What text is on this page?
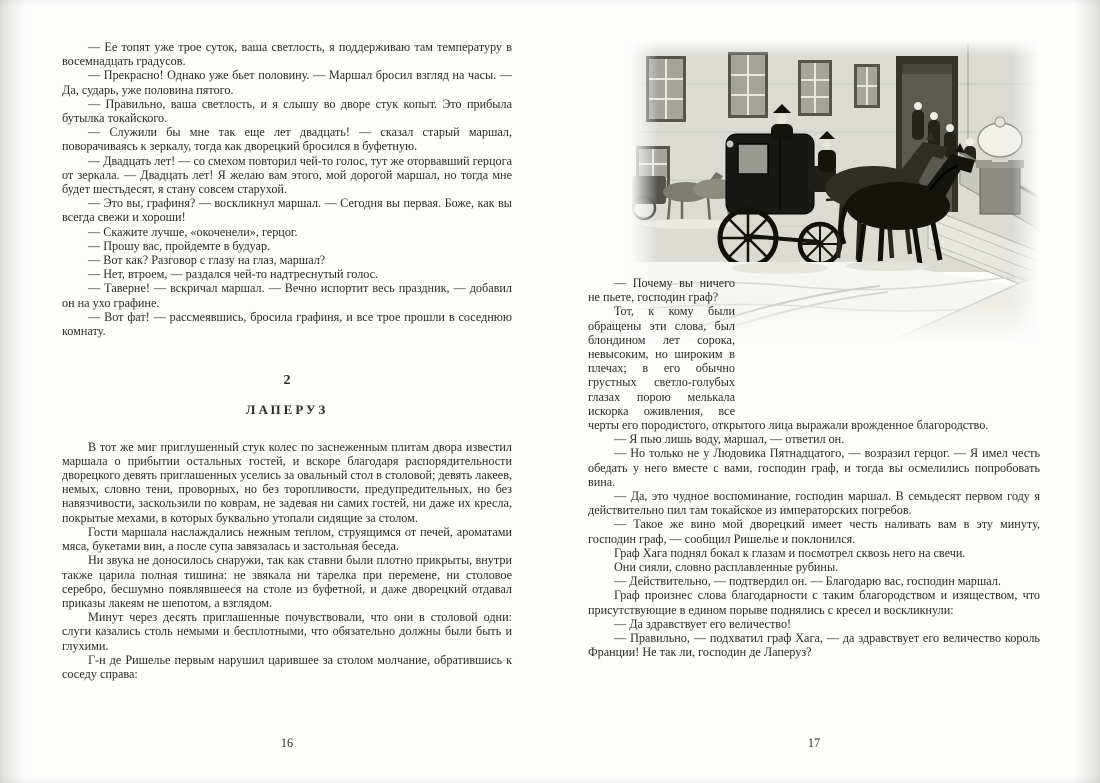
— Ее топят уже трое суток, ваша светлость, я поддерживаю там температуру в восемнадцать градусов.

— Прекрасно! Однако уже бьет половину. — Маршал бросил взгляд на часы. — Да, сударь, уже половина пятого.

— Правильно, ваша светлость, и я слышу во дворе стук копыт. Это прибыла бутылка токайского.

— Служили бы мне так еще лет двадцать! — сказал старый маршал, поворачиваясь к зеркалу, тогда как дворецкий бросился в буфетную.

— Двадцать лет! — со смехом повторил чей-то голос, тут же оторвавший герцога от зеркала. — Двадцать лет! Я желаю вам этого, мой дорогой маршал, но тогда мне будет шестьдесят, я стану совсем старухой.

— Это вы, графиня? — воскликнул маршал. — Сегодня вы первая. Боже, как вы всегда свежи и хороши!

— Скажите лучше, «окоченели», герцог.

— Прошу вас, пройдемте в будуар.

— Вот как? Разговор с глазу на глаз, маршал?

— Нет, втроем, — раздался чей-то надтреснутый голос.

— Таверне! — вскричал маршал. — Вечно испортит весь праздник, — добавил он на ухо графине.

— Вот фат! — рассмеявшись, бросила графиня, и все трое прошли в соседнюю комнату.

2
ЛАПЕРУЗ

В тот же миг приглушенный стук колес по заснеженным плитам двора известил маршала о прибытии остальных гостей, и вскоре благодаря распорядительности дворецкого девять приглашенных уселись за овальный стол в столовой; девять лакеев, немых, словно тени, проворных, но без торопливости, предупредительных, но без навязчивости, заскользили по коврам, не задевая ни самих гостей, ни даже их кресла, покрытые мехами, в которых буквально утопали сидящие за столом.

Гости маршала наслаждались нежным теплом, струящимся от печей, ароматами мяса, букетами вин, а после супа завязалась и застольная беседа.

Ни звука не доносилось снаружи, так как ставни были плотно прикрыты, внутри также царила полная тишина: не звякала ни тарелка при перемене, ни столовое серебро, бесшумно появлявшееся на столе из буфетной, и даже дворецкий отдавал приказы лакеям не шепотом, а взглядом.

Минут через десять приглашенные почувствовали, что они в столовой одни: слуги казались столь немыми и бесплотными, что обязательно должны были быть и глухими.

Г-н де Ришелье первым нарушил царившее за столом молчание, обратившись к соседу справа:

— Почему вы ничего не пьете, господин граф?

Тот, к кому были обращены эти слова, был блондином лет сорока, невысоким, но широким в плечах; в его обычно грустных светло-голубых глазах порою мелькала искорка оживления, все черты его породистого, открытого лица выражали врожденное благородство.

— Я пью лишь воду, маршал, — ответил он.

— Но только не у Людовика Пятнадцатого, — возразил герцог. — Я имел честь обедать у него вместе с вами, господин граф, и тогда вы осмелились попробовать вина.

— Да, это чудное воспоминание, господин маршал. В семьдесят первом году я действительно пил там токайское из императорских погребов.

— Такое же вино мой дворецкий имеет честь наливать вам в эту минуту, господин граф, — сообщил Ришелье и поклонился.

Граф Хага поднял бокал к глазам и посмотрел сквозь него на свечи.

Они сияли, словно расплавленные рубины.

— Действительно, — подтвердил он. — Благодарю вас, господин маршал.

Граф произнес слова благодарности с таким благородством и изяществом, что присутствующие в едином порыве поднялись с кресел и воскликнули:

— Да здравствует его величество!

— Правильно, — подхватил граф Хага, — да здравствует его величество король Франции! Не так ли, господин де Лаперуз?

16	17
